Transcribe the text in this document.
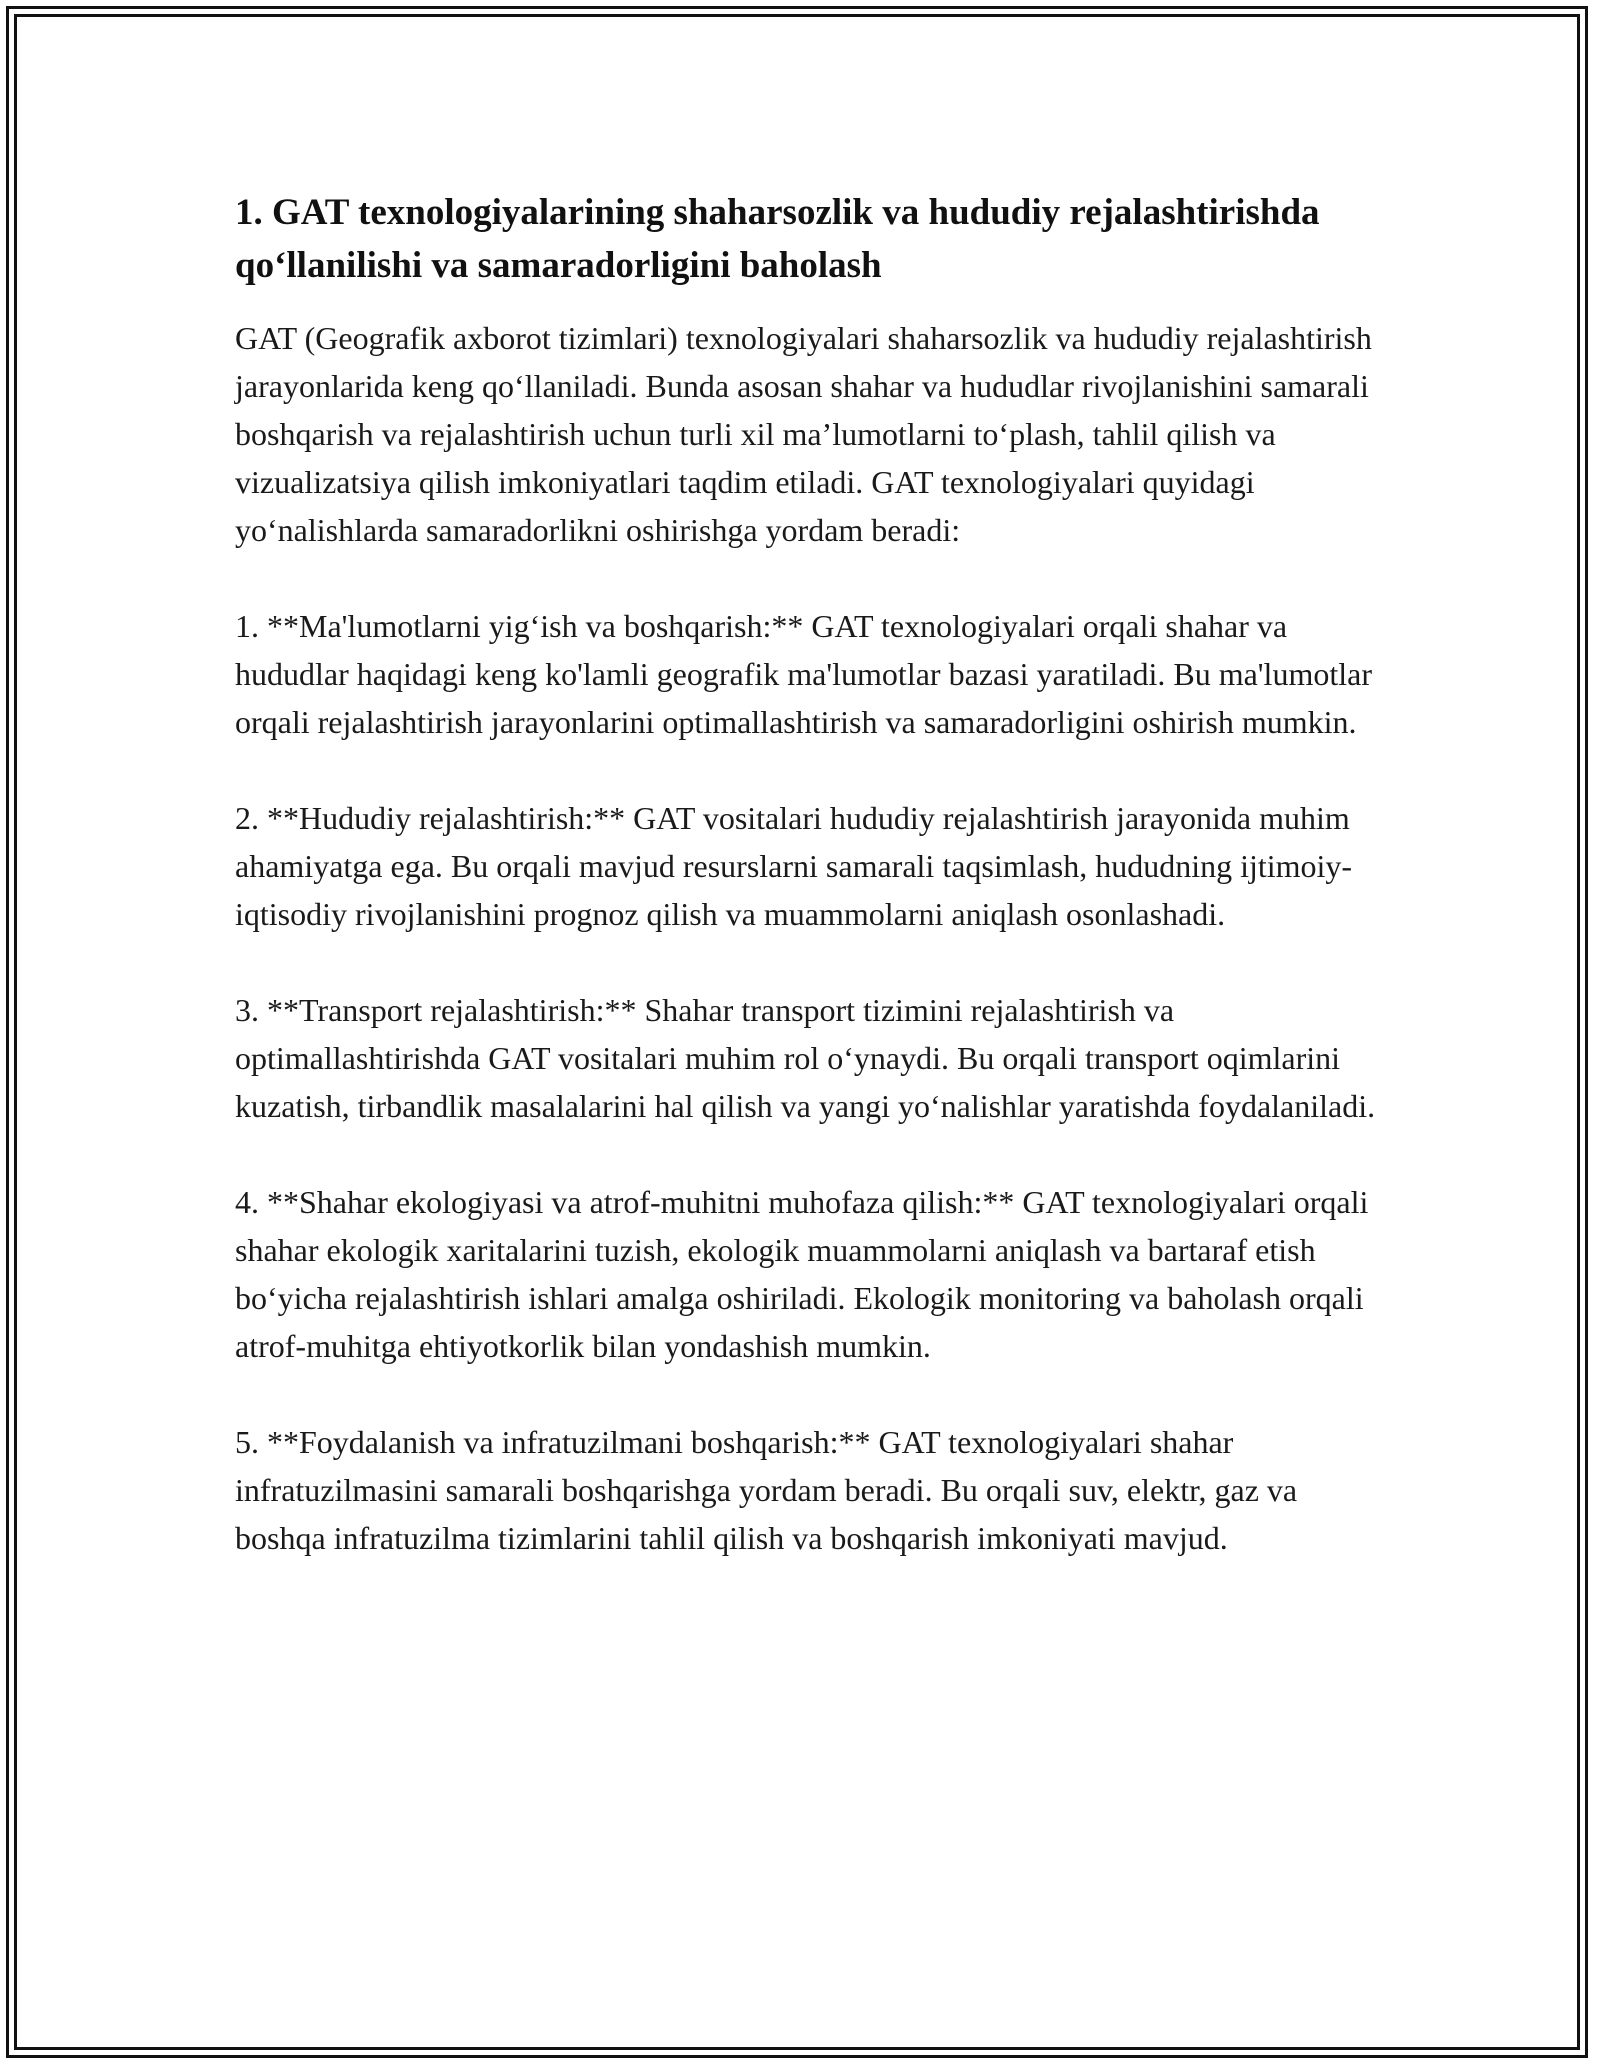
1. GAT texnologiyalarining shaharsozlik va hududiy rejalashtirishda qo‘llanilishi va samaradorligini baholash

GAT (Geografik axborot tizimlari) texnologiyalari shaharsozlik va hududiy rejalashtirish jarayonlarida keng qo‘llaniladi. Bunda asosan shahar va hududlar rivojlanishini samarali boshqarish va rejalashtirish uchun turli xil ma’lumotlarni to‘plash, tahlil qilish va vizualizatsiya qilish imkoniyatlari taqdim etiladi. GAT texnologiyalari quyidagi yo‘nalishlarda samaradorlikni oshirishga yordam beradi:

1. **Ma'lumotlarni yig‘ish va boshqarish:** GAT texnologiyalari orqali shahar va hududlar haqidagi keng ko'lamli geografik ma'lumotlar bazasi yaratiladi. Bu ma'lumotlar orqali rejalashtirish jarayonlarini optimallashtirish va samaradorligini oshirish mumkin.

2. **Hududiy rejalashtirish:** GAT vositalari hududiy rejalashtirish jarayonida muhim ahamiyatga ega. Bu orqali mavjud resurslarni samarali taqsimlash, hududning ijtimoiy-iqtisodiy rivojlanishini prognoz qilish va muammolarni aniqlash osonlashadi.

3. **Transport rejalashtirish:** Shahar transport tizimini rejalashtirish va optimallashtirishda GAT vositalari muhim rol o‘ynaydi. Bu orqali transport oqimlarini kuzatish, tirbandlik masalalarini hal qilish va yangi yo‘nalishlar yaratishda foydalaniladi.

4. **Shahar ekologiyasi va atrof-muhitni muhofaza qilish:** GAT texnologiyalari orqali shahar ekologik xaritalarini tuzish, ekologik muammolarni aniqlash va bartaraf etish bo‘yicha rejalashtirish ishlari amalga oshiriladi. Ekologik monitoring va baholash orqali atrof-muhitga ehtiyotkorlik bilan yondashish mumkin.

5. **Foydalanish va infratuzilmani boshqarish:** GAT texnologiyalari shahar infratuzilmasini samarali boshqarishga yordam beradi. Bu orqali suv, elektr, gaz va boshqa infratuzilma tizimlarini tahlil qilish va boshqarish imkoniyati mavjud.
